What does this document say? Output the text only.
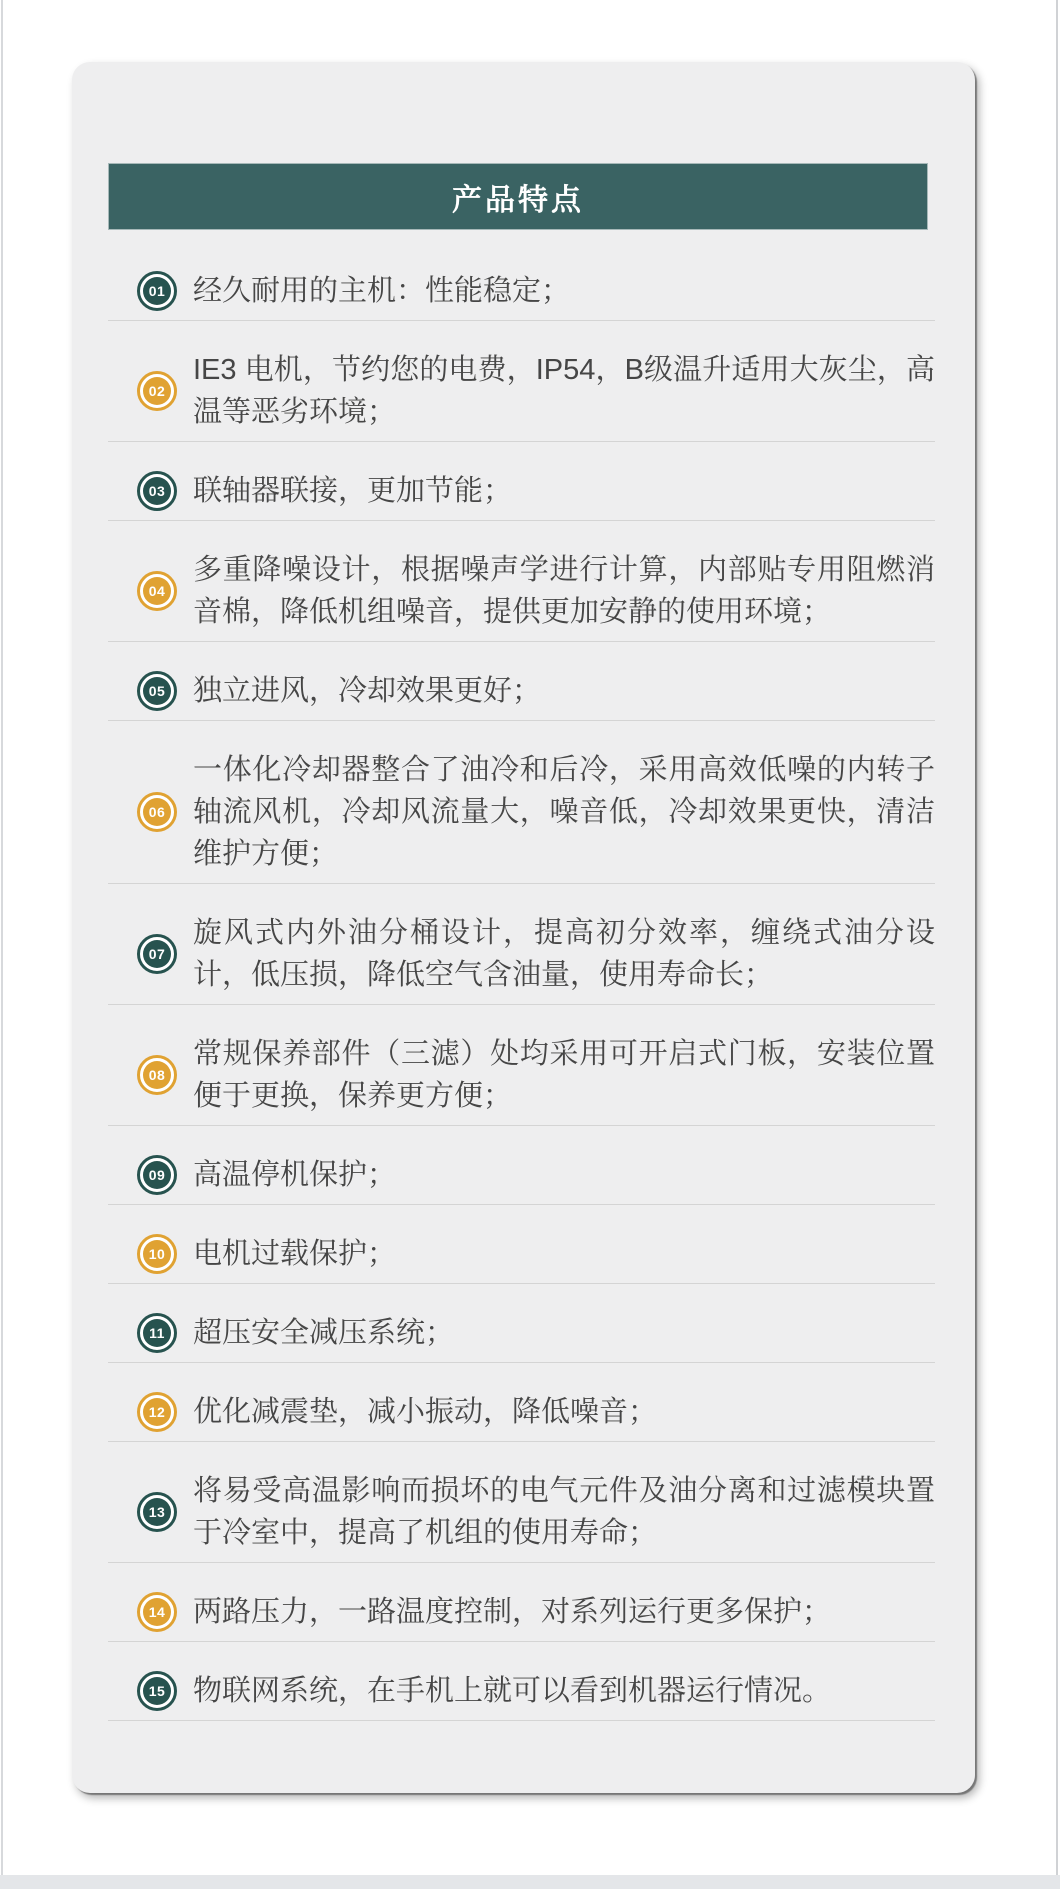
产品特点
01 经久耐用的主机：性能稳定；
02
IE3 电机，节约您的电费，IP54，B级温升适用大灰尘，高温等恶劣环境；
03 联轴器联接，更加节能；
04
多重降噪设计，根据噪声学进行计算，内部贴专用阻燃消音棉，降低机组噪音，提供更加安静的使用环境；
05 独立进风，冷却效果更好；
06
一体化冷却器整合了油冷和后冷，采用高效低噪的内转子轴流风机，冷却风流量大，噪音低，冷却效果更快，清洁维护方便；
07
旋风式内外油分桶设计，提高初分效率，缠绕式油分设计，低压损，降低空气含油量，使用寿命长；
08
常规保养部件（三滤）处均采用可开启式门板，安装位置便于更换，保养更方便；
09 高温停机保护；
10 电机过载保护；
11 超压安全减压系统；
12 优化减震垫，减小振动，降低噪音；
13
将易受高温影响而损坏的电气元件及油分离和过滤模块置于冷室中，提高了机组的使用寿命；
14 两路压力，一路温度控制，对系列运行更多保护；
15 物联网系统，在手机上就可以看到机器运行情况。
